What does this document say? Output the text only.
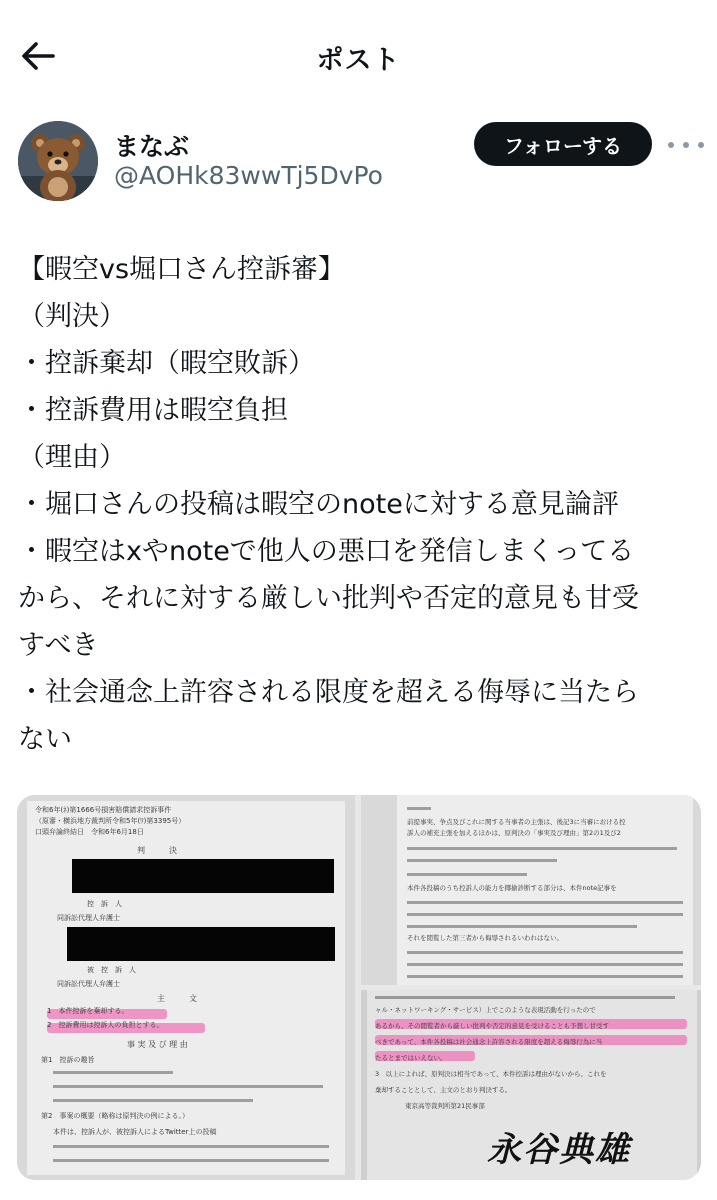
ポスト
まなぶ
@AOHk83wwTj5DvPo
フォローする
【暇空vs堀口さん控訴審】
（判決）
・控訴棄却（暇空敗訴）
・控訴費用は暇空負担
（理由）
・堀口さんの投稿は暇空のnoteに対する意見論評
・暇空はxやnoteで他人の悪口を発信しまくってる
から、それに対する厳しい批判や否定的意見も甘受
すべき
・社会通念上許容される限度を超える侮辱に当たら
ない
令和6年(ﾈ)第1666号損害賠償請求控訴事件
（原審・横浜地方裁判所令和5年(ﾜ)第3395号）
口頭弁論終結日　令和6年6月18日
判　　　決
控　訴　人
同訴訟代理人弁護士
被　控　訴　人
同訴訟代理人弁護士
主　　　文
1　本件控訴を棄却する。
2　控訴費用は控訴人の負担とする。
事 実 及 び 理 由
第1　控訴の趣旨
第2　事案の概要（略称は原判決の例による。）
本件は、控訴人が、被控訴人によるTwitter上の投稿
前提事実、争点及びこれに関する当事者の主張は、後記3に当審における控
訴人の補充主張を加えるほかは、原判決の「事実及び理由」第2の1及び2
本件各投稿のうち控訴人の能力を揶揄診断する部分は、本件note記事を
それを閲覧した第三者から侮辱されるいわれはない。
ャル・ネットワーキング・サービス）上でこのような表現活動を行ったので
あるから、その閲覧者から厳しい批判や否定的意見を受けることも予想し甘受す
べきであって、本件各投稿は社会通念上許容される限度を超える侮辱行為に当
たるとまではいえない。
3　以上によれば、原判決は相当であって、本件控訴は理由がないから、これを
棄却することとして、主文のとおり判決する。
東京高等裁判所第21民事部
永谷典雄
